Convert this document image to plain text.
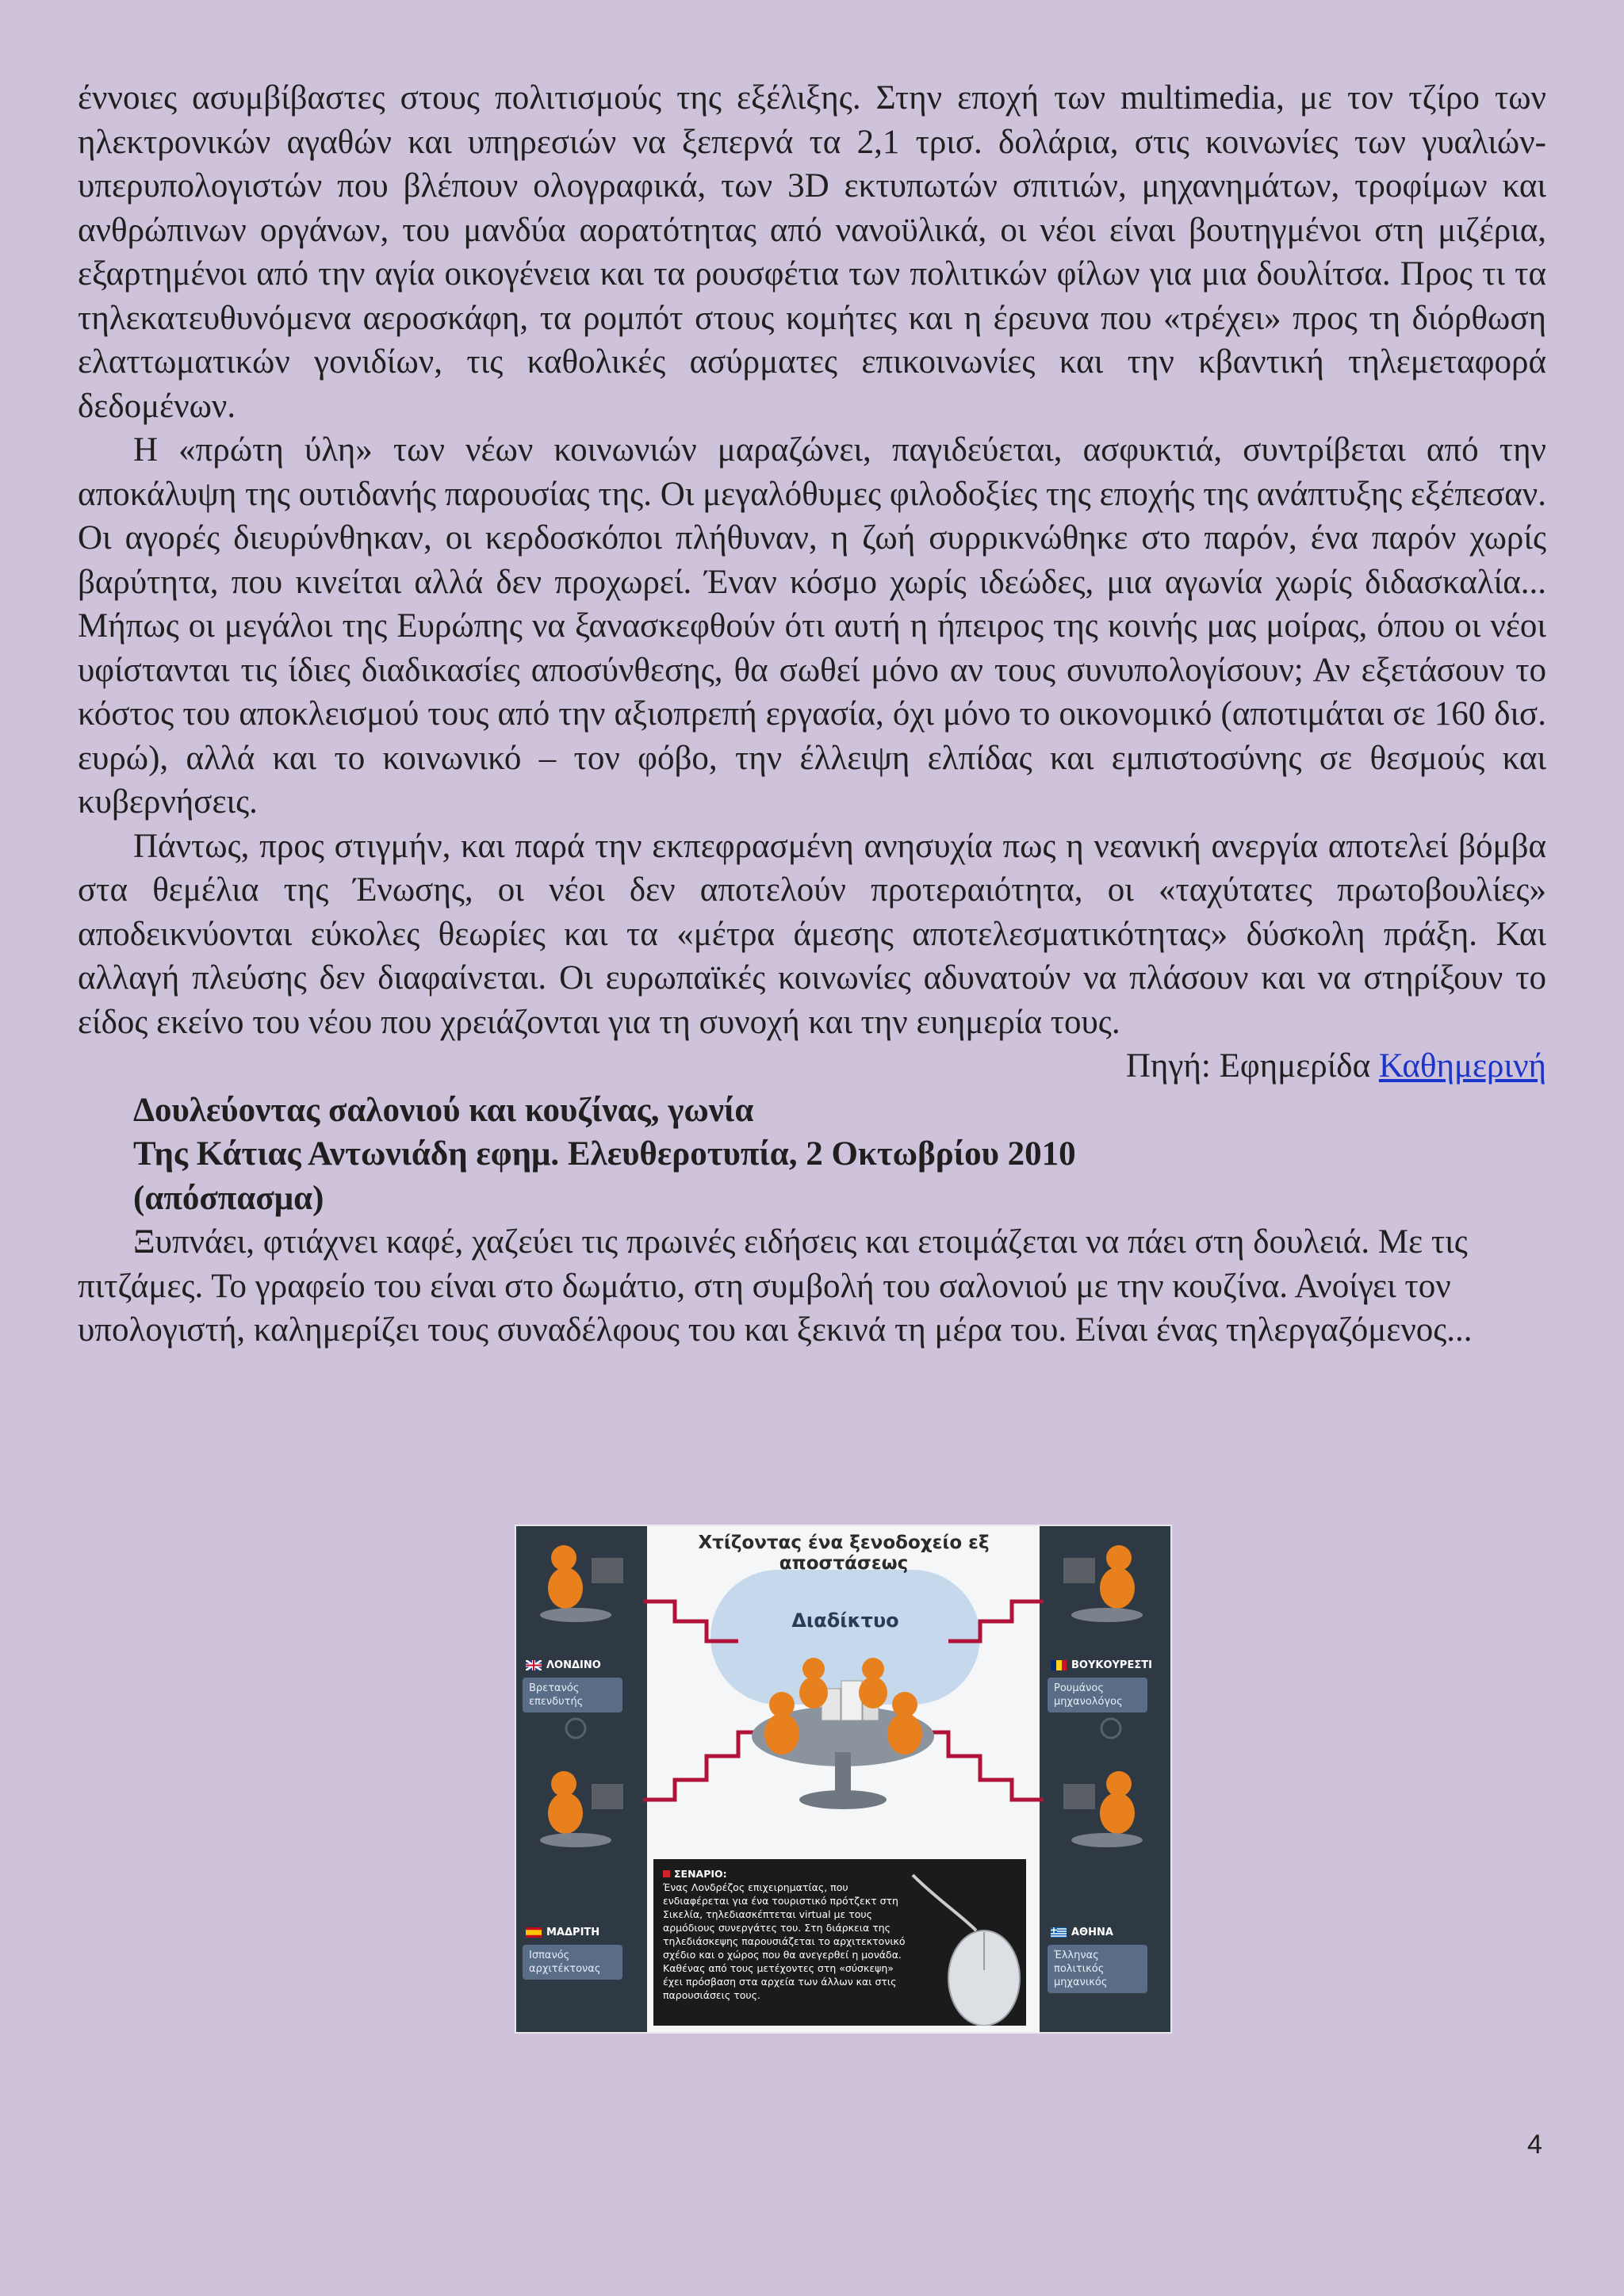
έννοιες ασυμβίβαστες στους πολιτισμούς της εξέλιξης. Στην εποχή των multimedia, με τον τζίρο των ηλεκτρονικών αγαθών και υπηρεσιών να ξεπερνά τα 2,1 τρισ. δολάρια, στις κοινωνίες των γυαλιών-υπερυπολογιστών που βλέπουν ολογραφικά, των 3D εκτυπωτών σπιτιών, μηχανημάτων, τροφίμων και ανθρώπινων οργάνων, του μανδύα αορατότητας από νανοϋλικά, οι νέοι είναι βουτηγμένοι στη μιζέρια, εξαρτημένοι από την αγία οικογένεια και τα ρουσφέτια των πολιτικών φίλων για μια δουλίτσα. Προς τι τα τηλεκατευθυνόμενα αεροσκάφη, τα ρομπότ στους κομήτες και η έρευνα που «τρέχει» προς τη διόρθωση ελαττωματικών γονιδίων, τις καθολικές ασύρματες επικοινωνίες και την κβαντική τηλεμεταφορά δεδομένων.

Η «πρώτη ύλη» των νέων κοινωνιών μαραζώνει, παγιδεύεται, ασφυκτιά, συντρίβεται από την αποκάλυψη της ουτιδανής παρουσίας της. Οι μεγαλόθυμες φιλοδοξίες της εποχής της ανάπτυξης εξέπεσαν. Οι αγορές διευρύνθηκαν, οι κερδοσκόποι πλήθυναν, η ζωή συρρικνώθηκε στο παρόν, ένα παρόν χωρίς βαρύτητα, που κινείται αλλά δεν προχωρεί. Έναν κόσμο χωρίς ιδεώδες, μια αγωνία χωρίς διδασκαλία... Μήπως οι μεγάλοι της Ευρώπης να ξανασκεφθούν ότι αυτή η ήπειρος της κοινής μας μοίρας, όπου οι νέοι υφίστανται τις ίδιες διαδικασίες αποσύνθεσης, θα σωθεί μόνο αν τους συνυπολογίσουν; Αν εξετάσουν το κόστος του αποκλεισμού τους από την αξιοπρεπή εργασία, όχι μόνο το οικονομικό (αποτιμάται σε 160 δισ. ευρώ), αλλά και το κοινωνικό – τον φόβο, την έλλειψη ελπίδας και εμπιστοσύνης σε θεσμούς και κυβερνήσεις.

Πάντως, προς στιγμήν, και παρά την εκπεφρασμένη ανησυχία πως η νεανική ανεργία αποτελεί βόμβα στα θεμέλια της Ένωσης, οι νέοι δεν αποτελούν προτεραιότητα, οι «ταχύτατες πρωτοβουλίες» αποδεικνύονται εύκολες θεωρίες και τα «μέτρα άμεσης αποτελεσματικότητας» δύσκολη πράξη. Και αλλαγή πλεύσης δεν διαφαίνεται. Οι ευρωπαϊκές κοινωνίες αδυνατούν να πλάσουν και να στηρίξουν το είδος εκείνο του νέου που χρειάζονται για τη συνοχή και την ευημερία τους.

Πηγή: Εφημερίδα Καθημερινή

Δουλεύοντας σαλονιού και κουζίνας, γωνία

Της Κάτιας Αντωνιάδη εφημ. Ελευθεροτυπία, 2 Οκτωβρίου 2010

(απόσπασμα)

Ξυπνάει, φτιάχνει καφέ, χαζεύει τις πρωινές ειδήσεις και ετοιμάζεται να πάει στη δουλειά. Με τις πιτζάμες. Το γραφείο του είναι στο δωμάτιο, στη συμβολή του σαλονιού με την κουζίνα. Ανοίγει τον υπολογιστή, καλημερίζει τους συναδέλφους του και ξεκινά τη μέρα του. Είναι ένας τηλεργαζόμενος...

Χτίζοντας ένα ξενοδοχείο εξ αποστάσεως
Διαδίκτυο
ΛΟΝΔΙΝΟ
Βρετανός επενδυτής
ΒΟΥΚΟΥΡΕΣΤΙ
Ρουμάνος μηχανολόγος
ΜΑΔΡΙΤΗ
Ισπανός αρχιτέκτονας
ΑΘΗΝΑ
Έλληνας πολιτικός μηχανικός
ΣΕΝΑΡΙΟ:
Ένας Λονδρέζος επιχειρηματίας, που ενδιαφέρεται για ένα τουριστικό πρότζεκτ στη Σικελία, τηλεδιασκέπτεται virtual με τους αρμόδιους συνεργάτες του. Στη διάρκεια της τηλεδιάσκεψης παρουσιάζεται το αρχιτεκτονικό σχέδιο και ο χώρος που θα ανεγερθεί η μονάδα. Καθένας από τους μετέχοντες στη «σύσκεψη» έχει πρόσβαση στα αρχεία των άλλων και στις παρουσιάσεις τους.
4
